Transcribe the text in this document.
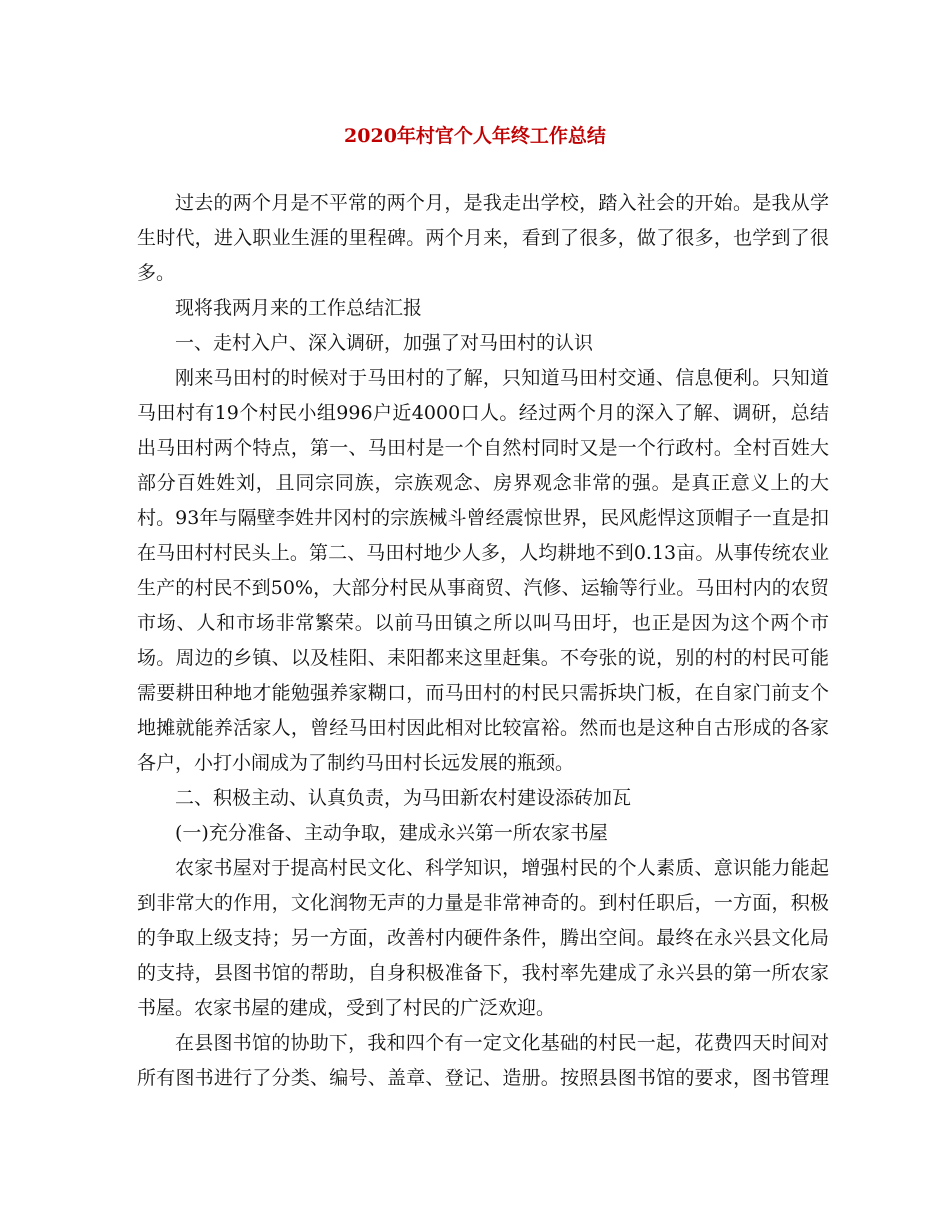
2020年村官个人年终工作总结

过去的两个月是不平常的两个月，是我走出学校，踏入社会的开始。是我从学生时代，进入职业生涯的里程碑。两个月来，看到了很多，做了很多，也学到了很多。

现将我两月来的工作总结汇报

一、走村入户、深入调研，加强了对马田村的认识

刚来马田村的时候对于马田村的了解，只知道马田村交通、信息便利。只知道马田村有19个村民小组996户近4000口人。经过两个月的深入了解、调研，总结出马田村两个特点，第一、马田村是一个自然村同时又是一个行政村。全村百姓大部分百姓姓刘，且同宗同族，宗族观念、房界观念非常的强。是真正意义上的大村。93年与隔壁李姓井冈村的宗族械斗曾经震惊世界，民风彪悍这顶帽子一直是扣在马田村村民头上。第二、马田村地少人多，人均耕地不到0.13亩。从事传统农业生产的村民不到50%，大部分村民从事商贸、汽修、运输等行业。马田村内的农贸市场、人和市场非常繁荣。以前马田镇之所以叫马田圩，也正是因为这个两个市场。周边的乡镇、以及桂阳、耒阳都来这里赶集。不夸张的说，别的村的村民可能需要耕田种地才能勉强养家糊口，而马田村的村民只需拆块门板，在自家门前支个地摊就能养活家人，曾经马田村因此相对比较富裕。然而也是这种自古形成的各家各户，小打小闹成为了制约马田村长远发展的瓶颈。

二、积极主动、认真负责，为马田新农村建设添砖加瓦

(一)充分准备、主动争取，建成永兴第一所农家书屋

农家书屋对于提高村民文化、科学知识，增强村民的个人素质、意识能力能起到非常大的作用，文化润物无声的力量是非常神奇的。到村任职后，一方面，积极的争取上级支持；另一方面，改善村内硬件条件，腾出空间。最终在永兴县文化局的支持，县图书馆的帮助，自身积极准备下，我村率先建成了永兴县的第一所农家书屋。农家书屋的建成，受到了村民的广泛欢迎。

在县图书馆的协助下，我和四个有一定文化基础的村民一起，花费四天时间对所有图书进行了分类、编号、盖章、登记、造册。按照县图书馆的要求，图书管理
